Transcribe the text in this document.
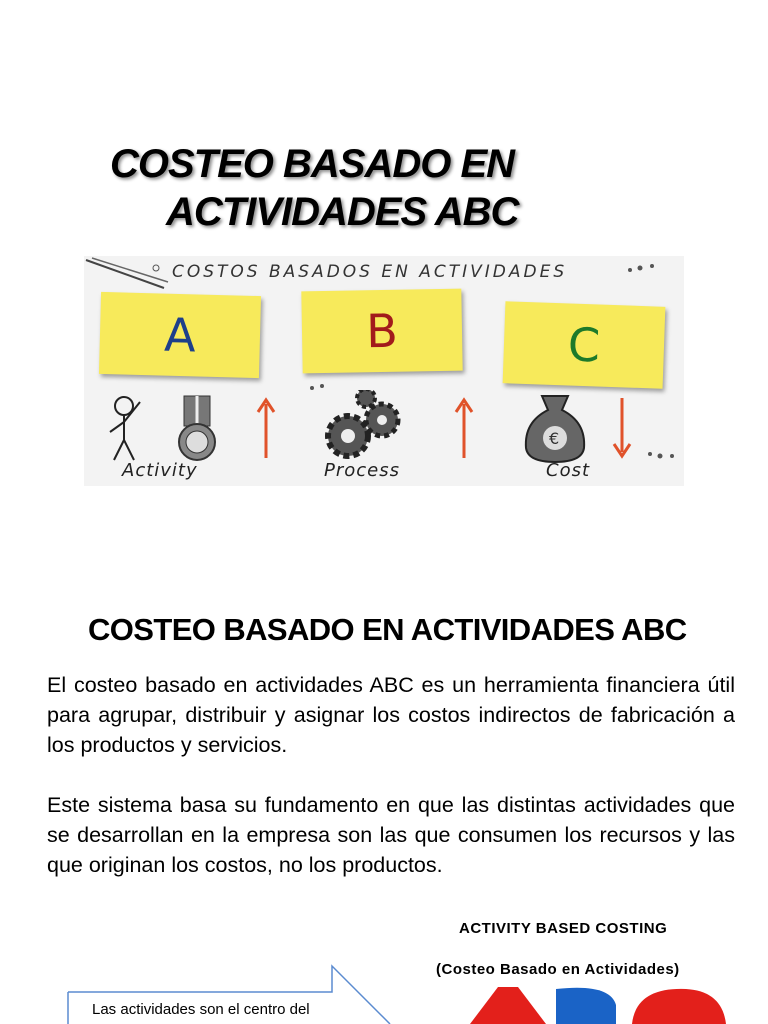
COSTEO BASADO EN
ACTIVIDADES ABC
COSTOS BASADOS EN ACTIVIDADES
A	B	C
€
Activity	Process	Cost
COSTEO BASADO EN ACTIVIDADES ABC

El costeo basado en actividades ABC es un herramienta financiera útil para agrupar, distribuir y asignar los costos indirectos de fabricación a los productos y servicios.

Este sistema basa su fundamento en que las distintas actividades que se desarrollan en la empresa son las que consumen los recursos y las que originan los costos, no los productos.

ACTIVITY BASED COSTING
(Costeo Basado en Actividades)
Las actividades son el centro del
